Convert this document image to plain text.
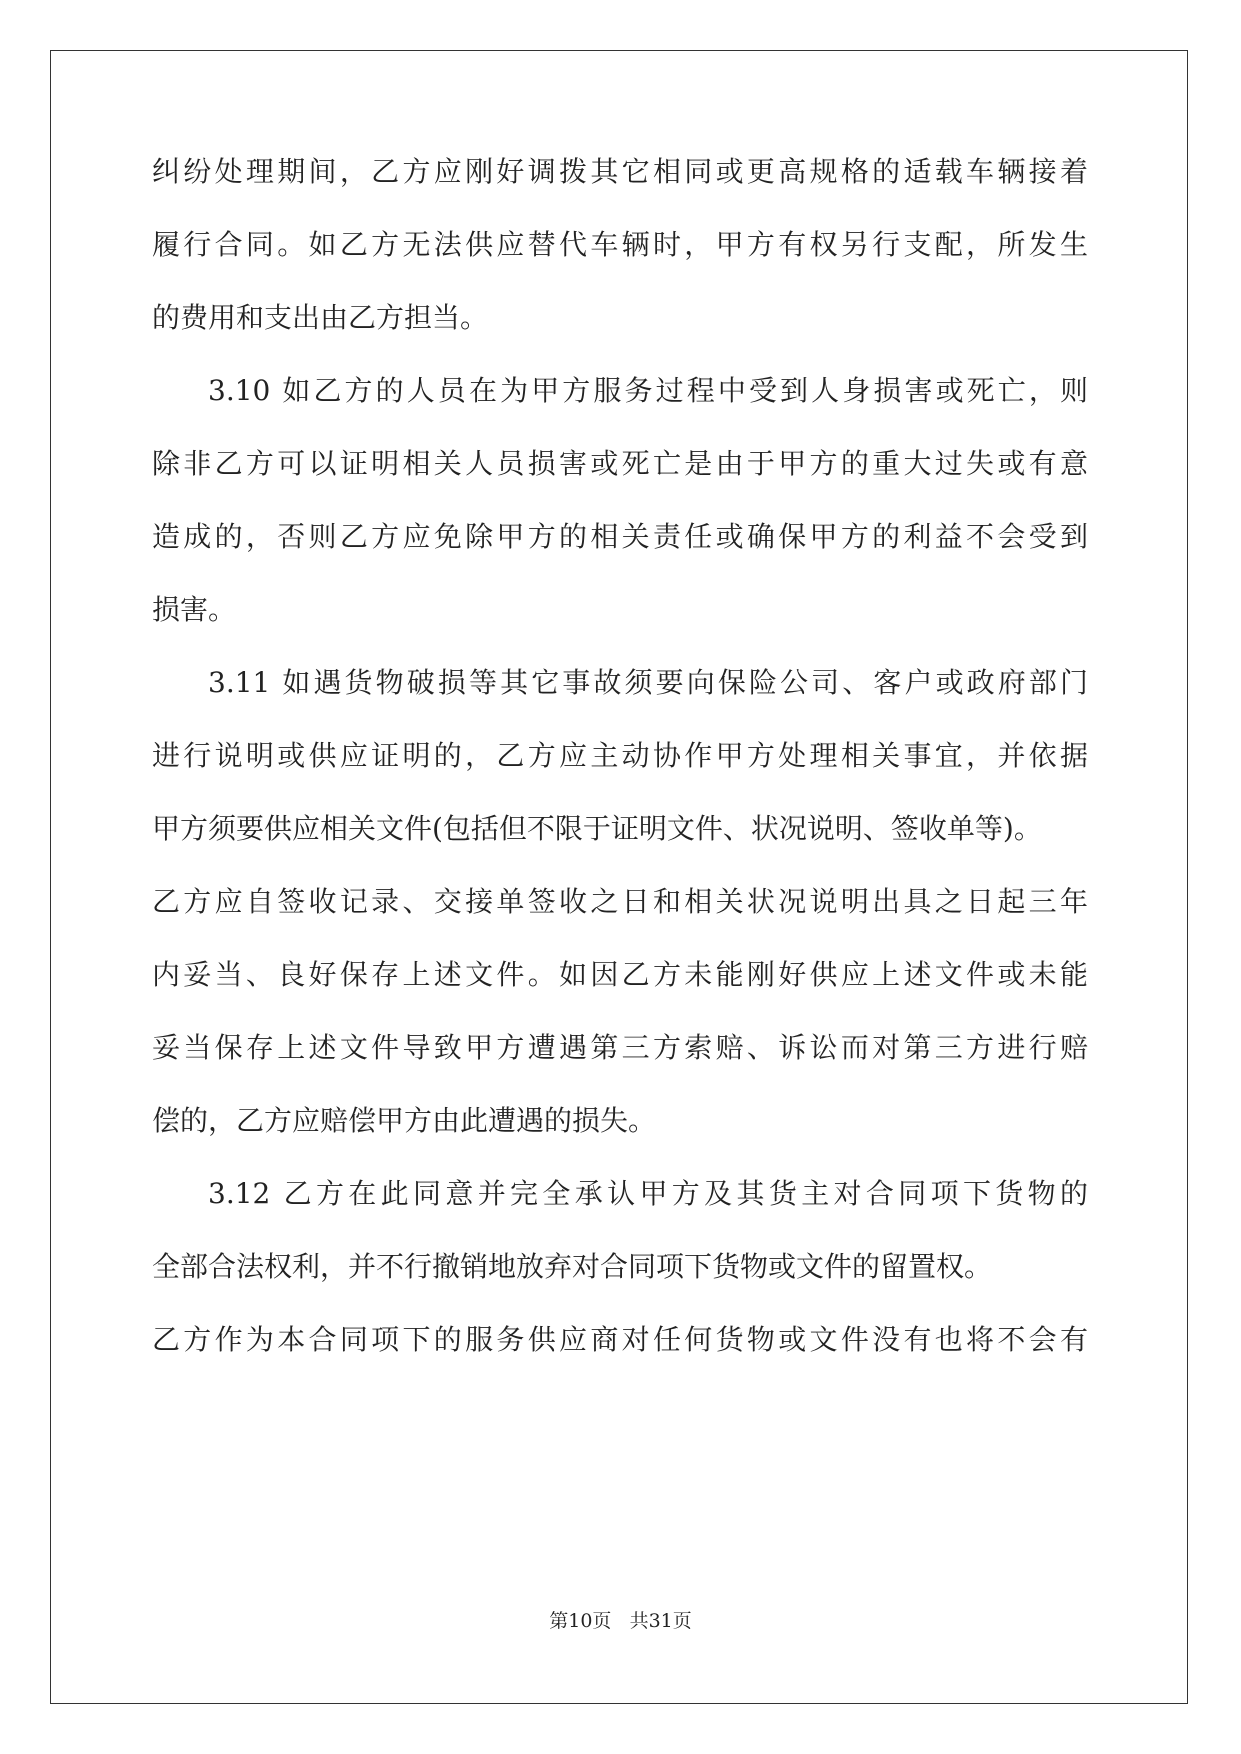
纠纷处理期间，乙方应刚好调拨其它相同或更高规格的适载车辆接着
履行合同。如乙方无法供应替代车辆时，甲方有权另行支配，所发生
的费用和支出由乙方担当。
3.10 如乙方的人员在为甲方服务过程中受到人身损害或死亡，则
除非乙方可以证明相关人员损害或死亡是由于甲方的重大过失或有意
造成的，否则乙方应免除甲方的相关责任或确保甲方的利益不会受到
损害。
3.11 如遇货物破损等其它事故须要向保险公司、客户或政府部门
进行说明或供应证明的，乙方应主动协作甲方处理相关事宜，并依据
甲方须要供应相关文件(包括但不限于证明文件、状况说明、签收单等)。
乙方应自签收记录、交接单签收之日和相关状况说明出具之日起三年
内妥当、良好保存上述文件。如因乙方未能刚好供应上述文件或未能
妥当保存上述文件导致甲方遭遇第三方索赔、诉讼而对第三方进行赔
偿的，乙方应赔偿甲方由此遭遇的损失。
3.12 乙方在此同意并完全承认甲方及其货主对合同项下货物的
全部合法权利，并不行撤销地放弃对合同项下货物或文件的留置权。
乙方作为本合同项下的服务供应商对任何货物或文件没有也将不会有
第10页 共31页
